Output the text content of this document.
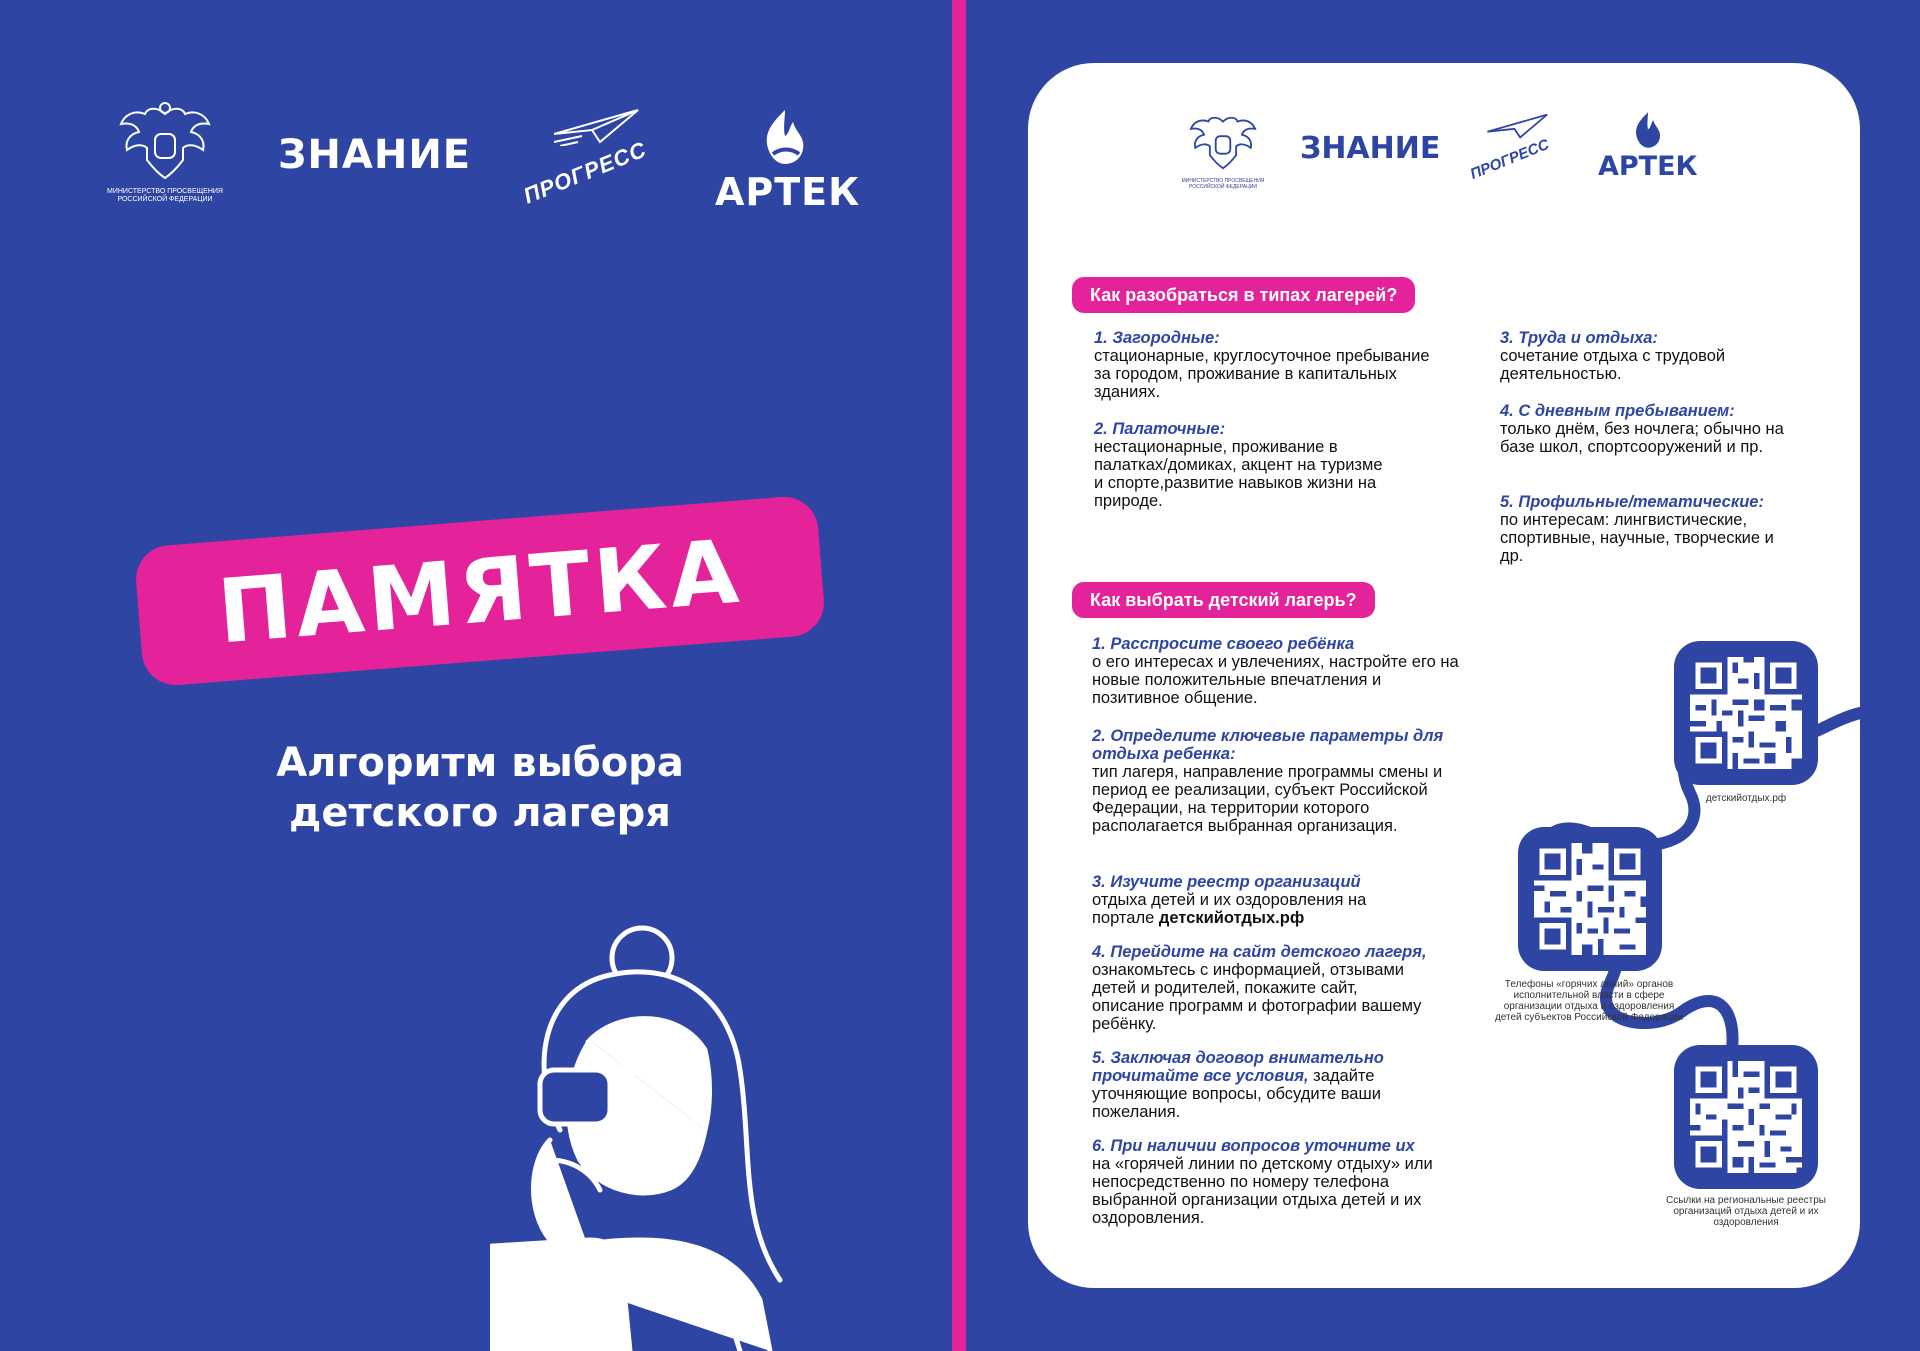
МИНИСТЕРСТВО ПРОСВЕЩЕНИЯ РОССИЙСКОЙ ФЕДЕРАЦИИ
ЗНАНИЕ ПРОГРЕСС АРТЕК
ПАМЯТКА
Алгоритм выбора
детского лагеря
МИНИСТЕРСТВО ПРОСВЕЩЕНИЯ РОССИЙСКОЙ ФЕДЕРАЦИИ
ЗНАНИЕ ПРОГРЕСС АРТЕК
Как разобраться в типах лагерей?
1. Загородные:
стационарные, круглосуточное пребывание за городом, проживание в капитальных зданиях.
2. Палаточные:
нестационарные, проживание в палатках/домиках, акцент на туризме и спорте,развитие навыков жизни на природе.
3. Труда и отдыха:
сочетание отдыха с трудовой деятельностью.
4. С дневным пребыванием:
только днём, без ночлега; обычно на базе школ, спортсооружений и пр.
5. Профильные/тематические:
по интересам: лингвистические, спортивные, научные, творческие и др.
Как выбрать детский лагерь?
1. Расспросите своего ребёнка
о его интересах и увлечениях, настройте его на новые положительные впечатления и позитивное общение.
2. Определите ключевые параметры для отдыха ребенка:
тип лагеря, направление программы смены и период ее реализации, субъект Российской Федерации, на территории которого располагается выбранная организация.
3. Изучите реестр организаций
отдыха детей и их оздоровления на портале детскийотдых.рф
4. Перейдите на сайт детского лагеря,
ознакомьтесь с информацией, отзывами детей и родителей, покажите сайт, описание программ и фотографии вашему ребёнку.
5. Заключая договор внимательно прочитайте все условия, задайте уточняющие вопросы, обсудите ваши пожелания.
6. При наличии вопросов уточните их
на «горячей линии по детскому отдыху» или непосредственно по номеру телефона выбранной организации отдыха детей и их оздоровления.
детскийотдых.рф
Телефоны «горячих линий» органов исполнительной власти в сфере организации отдыха и оздоровления детей субъектов Российской Федерации
Ссылки на региональные реестры организаций отдыха детей и их оздоровления
